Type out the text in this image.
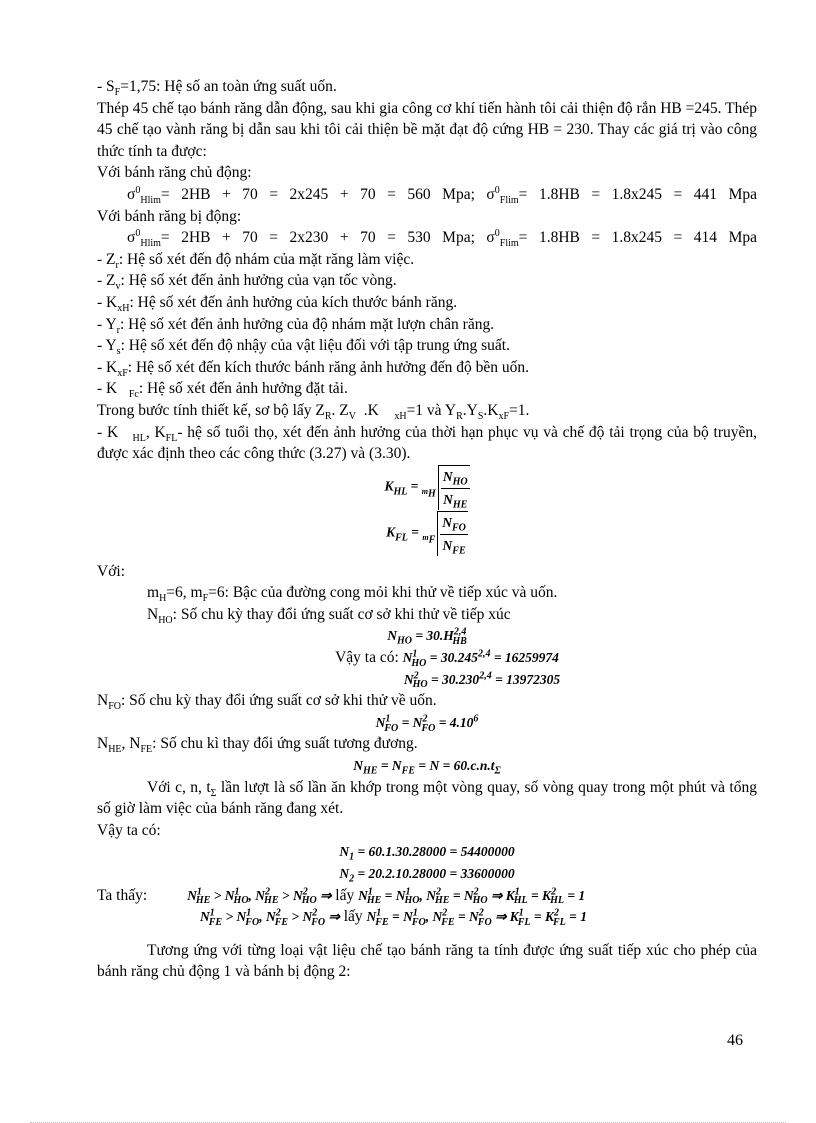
- $S_F=1,75$: Hệ số an toàn ứng suất uốn.

Thép 45 chế tạo bánh răng dẫn động, sau khi gia công cơ khí tiến hành tôi cải thiện độ rắn HB =245. Thép 45 chế tạo vành răng bị dẫn sau khi tôi cải thiện bề mặt đạt độ cứng HB = 230. Thay các giá trị vào công thức tính ta được:

Với bánh răng chủ động:

$\sigma^0_{Hlim}= 2HB + 70 = 2x245 + 70 = 560$ Mpa; $\sigma^0_{Flim}= 1.8HB = 1.8x245 = 441$ Mpa

Với bánh răng bị động:

$\sigma^0_{Hlim}= 2HB + 70 = 2x230 + 70 = 530$ Mpa; $\sigma^0_{Flim}= 1.8HB = 1.8x245 = 414$ Mpa

- $Z_r$: Hệ số xét đến độ nhám của mặt răng làm việc.

- $Z_v$: Hệ số xét đến ảnh hưởng của vạn tốc vòng.

- $K_{xH}$: Hệ số xét đến ảnh hưởng của kích thước bánh răng.

- $Y_r$: Hệ số xét đến ảnh hưởng của độ nhám mặt lượn chân răng.

- $Y_s$: Hệ số xét đến độ nhậy của vật liệu đối với tập trung ứng suất.

- $K_{xF}$: Hệ số xét đến kích thước bánh răng ảnh hưởng đến độ bền uốn.

- K   $_{Fc}$: Hệ số xét đến ảnh hưởng đặt tải.

Trong bước tính thiết kế, sơ bộ lấy $Z_R$. $Z_V$  .K    $_{xH}$=1 và $Y_R.Y_S.K_{xF}=1$.

- K   $_{HL}$, $K_{FL}-$ hệ số tuổi thọ, xét đến ảnh hưởng của thời hạn phục vụ và chế độ tải trọng của bộ truyền, được xác định theo các công thức (3.27) và (3.30).

$K_{HL} = _{m_H} \frac{N_{HO}}{N_{HE}}$
$K_{FL} = _{m_F} \frac{N_{FO}}{N_{FE}}$

Với:

$m_H=6$, $m_F=6$: Bậc của đường cong mỏi khi thử về tiếp xúc và uốn.

$N_{HO}$: Số chu kỳ thay đổi ứng suất cơ sở khi thử về tiếp xúc

$N_{HO} = 30.H^{2,4}_{HB}$

Vậy ta có: $N^1_{HO} = 30.245^{2,4} = 16259974$

$N^2_{HO} = 30.230^{2,4} = 13972305$

$N_{FO}$: Số chu kỳ thay đổi ứng suất cơ sở khi thử về uốn.

$N^1_{FO} = N^2_{FO} = 4.10^6$

$N_{HE}$, $N_{FE}$: Số chu kì thay đổi ứng suất tương đương.

$N_{HE} = N_{FE} = N = 60.c.n.t_\Sigma$

Với c, n, $t_\Sigma$ lần lượt là số lần ăn khớp trong một vòng quay, số vòng quay trong một phút và tổng số giờ làm việc của bánh răng đang xét.

Vậy ta có:

$N_1 = 60.1.30.28000 = 54400000$

$N_2 = 20.2.10.28000 = 33600000$

Ta thấy:	$N^1_{HE} > N^1_{HO}$, $N^2_{HE} > N^2_{HO}$ ⇒ lấy $N^1_{HE} = N^1_{HO}$, $N^2_{HE} = N^2_{HO}$ ⇒ $K^1_{HL} = K^2_{HL} = 1$

$N^1_{FE} > N^1_{FO}$, $N^2_{FE} > N^2_{FO}$ ⇒ lấy $N^1_{FE} = N^1_{FO}$, $N^2_{FE} = N^2_{FO}$ ⇒ $K^1_{FL} = K^2_{FL} = 1$

Tương ứng với từng loại vật liệu chế tạo bánh răng ta tính được ứng suất tiếp xúc cho phép của bánh răng chủ động 1 và bánh bị động 2:

46
